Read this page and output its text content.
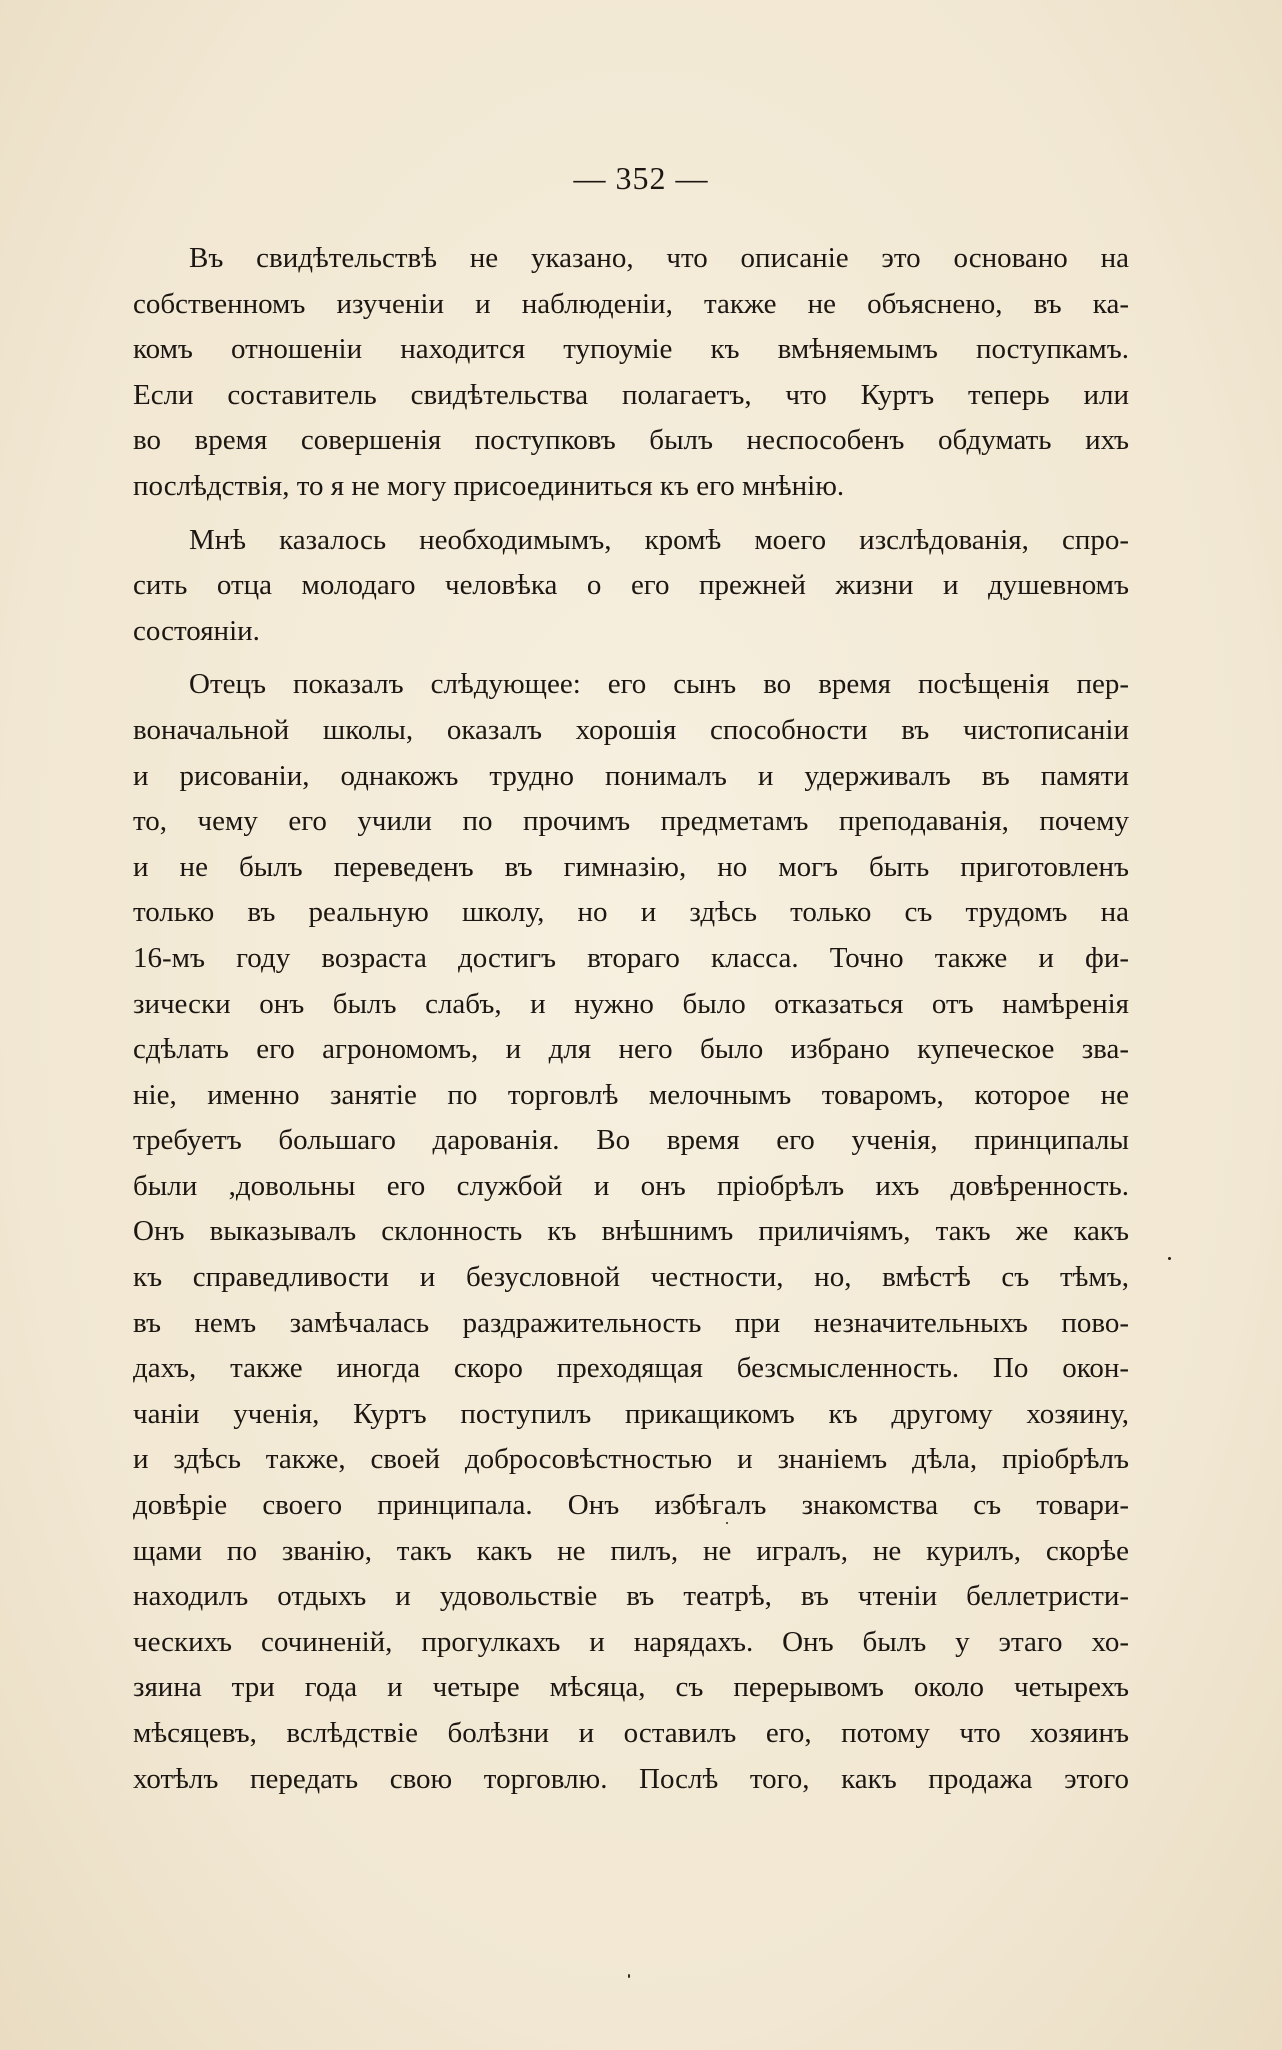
— 352 —
Въ свидѣтельствѣ не указано, что описаніе это основано на
собственномъ изученіи и наблюденіи, также не объяснено, въ ка-
комъ отношеніи находится тупоуміе къ вмѣняемымъ поступкамъ.
Если составитель свидѣтельства полагаетъ, что Куртъ теперь или
во время совершенія поступковъ былъ неспособенъ обдумать ихъ
послѣдствія, то я не могу присоединиться къ его мнѣнію.
Мнѣ казалось необходимымъ, кромѣ моего изслѣдованія, спро-
сить отца молодаго человѣка о его прежней жизни и душевномъ
состояніи.
Отецъ показалъ слѣдующее: его сынъ во время посѣщенія пер-
воначальной школы, оказалъ хорошія способности въ чистописаніи
и рисованіи, однакожъ трудно понималъ и удерживалъ въ памяти
то, чему его учили по прочимъ предметамъ преподаванія, почему
и не былъ переведенъ въ гимназію, но могъ быть приготовленъ
только въ реальную школу, но и здѣсь только съ трудомъ на
16-мъ году возраста достигъ втораго класса. Точно также и фи-
зически онъ былъ слабъ, и нужно было отказаться отъ намѣренія
сдѣлать его агрономомъ, и для него было избрано купеческое зва-
ніе, именно занятіе по торговлѣ мелочнымъ товаромъ, которое не
требуетъ большаго дарованія. Во время его ученія, принципалы
были ,довольны его службой и онъ пріобрѣлъ ихъ довѣренность.
Онъ выказывалъ склонность къ внѣшнимъ приличіямъ, такъ же какъ
къ справедливости и безусловной честности, но, вмѣстѣ съ тѣмъ,
въ немъ замѣчалась раздражительность при незначительныхъ пово-
дахъ, также иногда скоро преходящая безсмысленность. По окон-
чаніи ученія, Куртъ поступилъ прикащикомъ къ другому хозяину,
и здѣсь также, своей добросовѣстностью и знаніемъ дѣла, пріобрѣлъ
довѣріе своего принципала. Онъ избѣгалъ знакомства съ товари-
щами по званію, такъ какъ не пилъ, не игралъ, не курилъ, скорѣе
находилъ отдыхъ и удовольствіе въ театрѣ, въ чтеніи беллетристи-
ческихъ сочиненій, прогулкахъ и нарядахъ. Онъ былъ у этаго хо-
зяина три года и четыре мѣсяца, съ перерывомъ около четырехъ
мѣсяцевъ, вслѣдствіе болѣзни и оставилъ его, потому что хозяинъ
хотѣлъ передать свою торговлю. Послѣ того, какъ продажа этого
